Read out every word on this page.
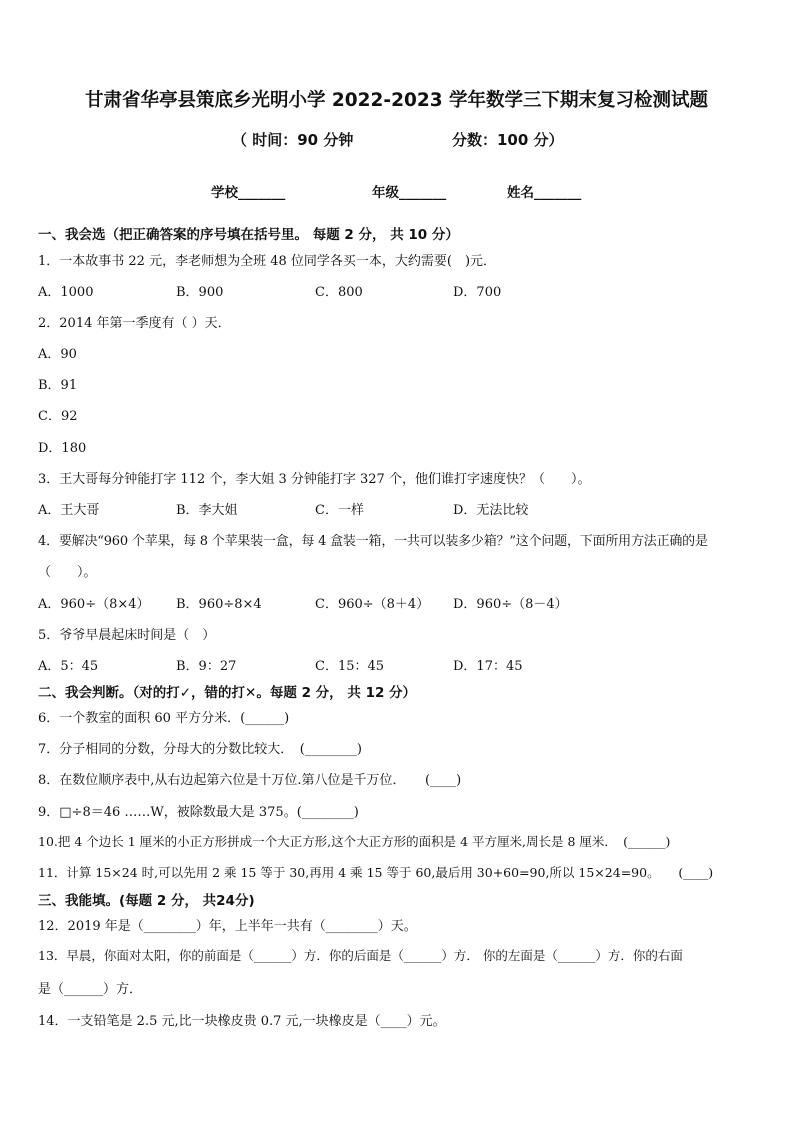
甘肃省华亭县策底乡光明小学 2022-2023 学年数学三下期末复习检测试题
（ 时间：90 分钟	分数：100 分）
学校_______	年级_______	姓名_______
一、我会选（把正确答案的序号填在括号里。 每题 2 分， 共 10 分）
1．一本故事书 22 元，李老师想为全班 48 位同学各买一本，大约需要(　)元．
A．1000	B．900	C．800	D．700
2．2014 年第一季度有（ ）天．
A．90
B．91
C．92
D．180
3．王大哥每分钟能打字 112 个，李大姐 3 分钟能打字 327 个，他们谁打字速度快？（　　）。
A．王大哥	B．李大姐	C．一样	D．无法比较
4．要解决“960 个苹果，每 8 个苹果装一盒，每 4 盒装一箱，一共可以装多少箱？”这个问题，下面所用方法正确的是
（　　）。
A．960÷（8×4） B．960÷8×4	C．960÷（8＋4） D．960÷（8－4）
5．爷爷早晨起床时间是（　）
A．5：45	B．9：27	C．15：45	D．17：45
二、我会判断。（对的打✓，错的打✕。每题 2 分， 共 12 分）
6．一个教室的面积 60 平方分米．(______)
7．分子相同的分数，分母大的分数比较大．　(________)
8．在数位顺序表中,从右边起第六位是十万位.第八位是千万位．　　(____)
9．□÷8＝46 ……W，被除数最大是 375。(________)
10.把 4 个边长 1 厘米的小正方形拼成一个大正方形,这个大正方形的面积是 4 平方厘米,周长是 8 厘米．　(______)
11．计算 15×24 时,可以先用 2 乘 15 等于 30,再用 4 乘 15 等于 60,最后用 30+60=90,所以 15×24=90。　　(____)
三、我能填。(每题 2 分， 共24分)
12．2019 年是（________）年，上半年一共有（________）天。
13．早晨，你面对太阳，你的前面是（______）方．你的后面是（______）方． 你的左面是（______）方．你的右面
是（______）方．
14．一支铅笔是 2.5 元,比一块橡皮贵 0.7 元,一块橡皮是（____）元。
